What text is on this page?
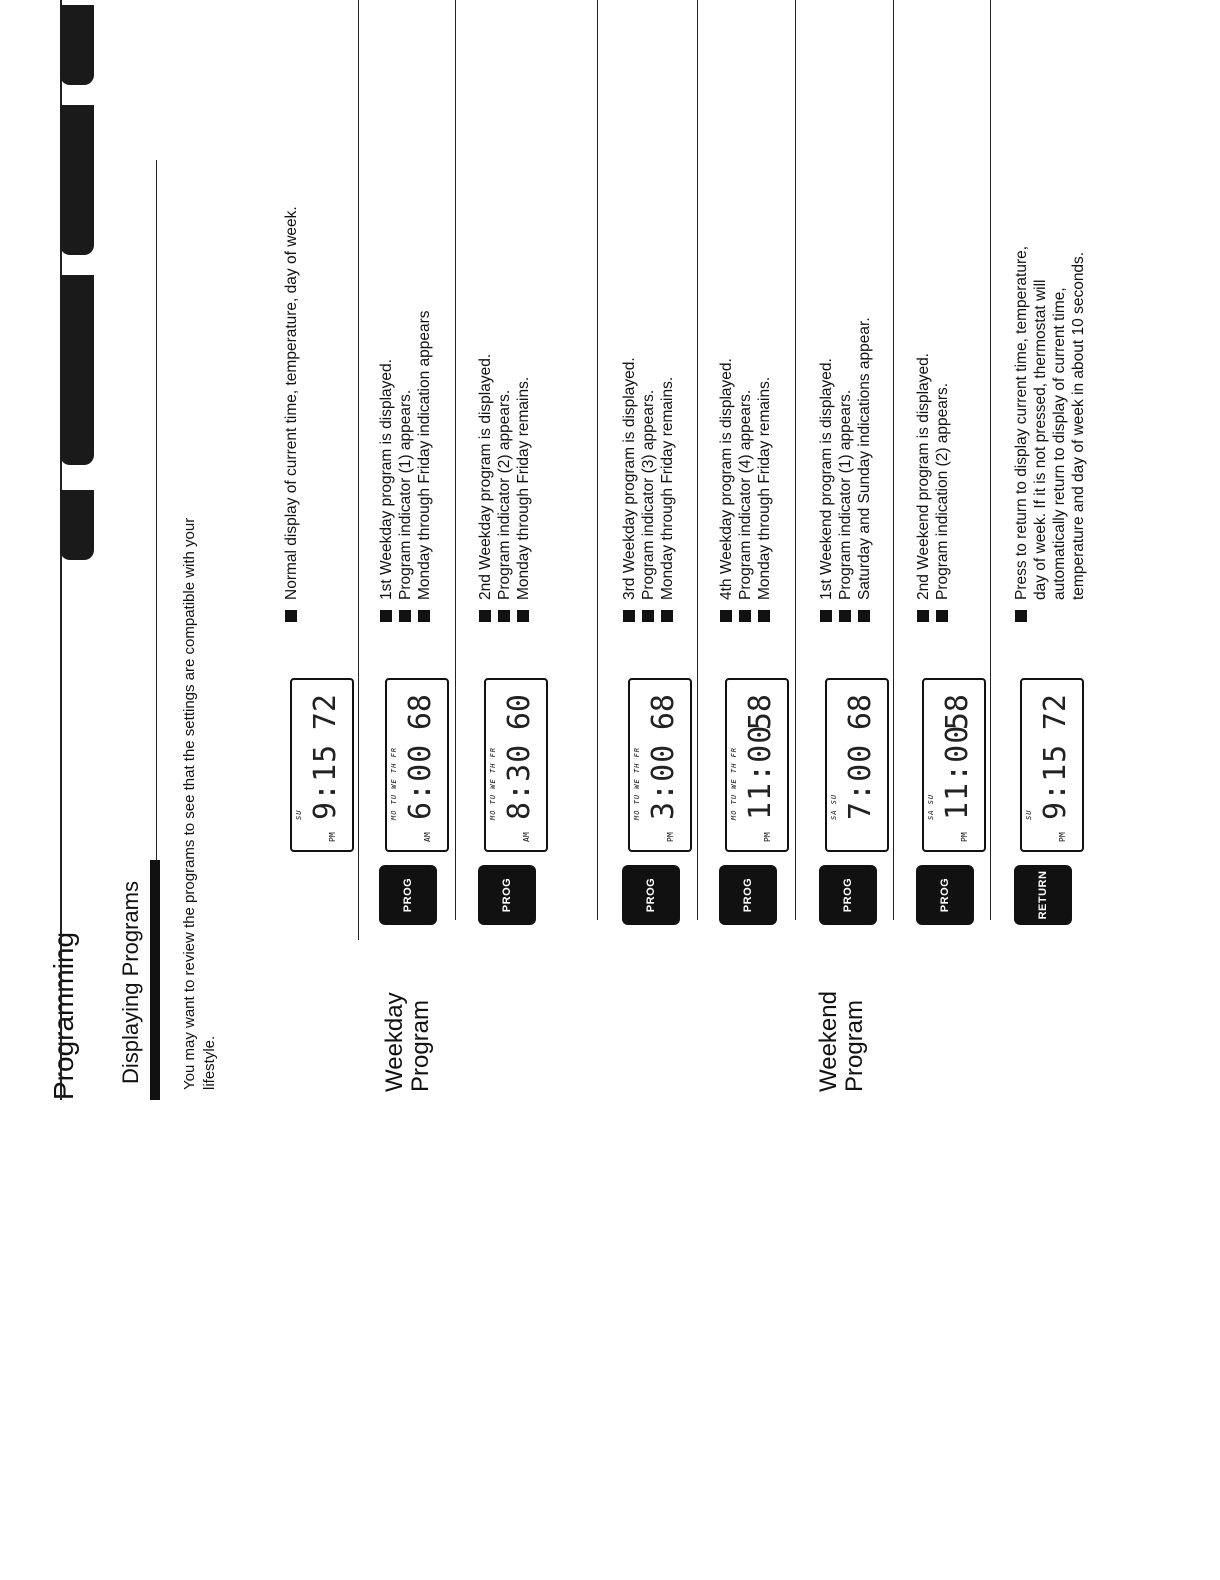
Programming Displaying Programs	You may want to review the programs to see that the settings are compatible with your lifestyle.	Weekday
Program	Weekend
Program
SU
PM
9:15
72
Normal display of current time, temperature, day of week.
PROG
MO TU WE TH FR
AM
6:00
68
1st Weekday program is displayed. Program indicator (1) appears. Monday through Friday indication appears
PROG
MO TU WE TH FR
AM
8:30
60
2nd Weekday program is displayed. Program indicator (2) appears. Monday through Friday remains.
PROG
MO TU WE TH FR
PM
3:00
68
3rd Weekday program is displayed. Program indicator (3) appears. Monday through Friday remains.
PROG
MO TU WE TH FR
PM
11:00
58
4th Weekday program is displayed. Program indicator (4) appears. Monday through Friday remains.
PROG
SA SU 7:00
68
1st Weekend program is displayed. Program indicator (1) appears. Saturday and Sunday indications appear.
PROG
SA SU
PM
11:00
58
2nd Weekend program is displayed. Program indication (2) appears.
RETURN
SU
PM
9:15
72
Press to return to display current time, temperature, day of week. If it is not pressed, thermostat will automatically return to display of current time, temperature and day of week in about 10 seconds.
